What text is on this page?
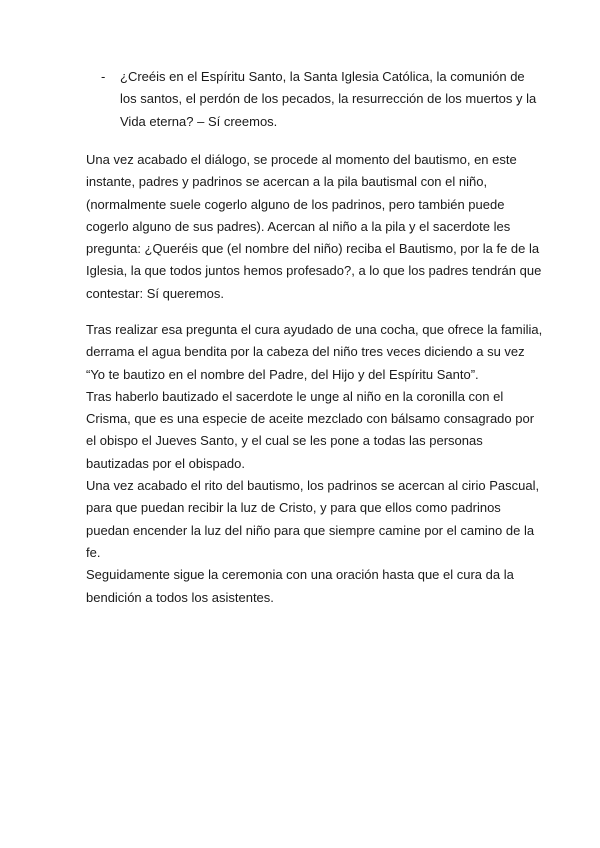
- ¿Creéis en el Espíritu Santo, la Santa Iglesia Católica, la comunión de
los santos, el perdón de los pecados, la resurrección de los muertos y la
Vida eterna? – Sí creemos.
Una vez acabado el diálogo, se procede al momento del bautismo, en este
instante, padres y padrinos se acercan a la pila bautismal con el niño,
(normalmente suele cogerlo alguno de los padrinos, pero también puede
cogerlo alguno de sus padres). Acercan al niño a la pila y el sacerdote les
pregunta: ¿Queréis que (el nombre del niño) reciba el Bautismo, por la fe de la
Iglesia, la que todos juntos hemos profesado?, a lo que los padres tendrán que
contestar: Sí queremos.
Tras realizar esa pregunta el cura ayudado de una cocha, que ofrece la familia,
derrama el agua bendita por la cabeza del niño tres veces diciendo a su vez
“Yo te bautizo en el nombre del Padre, del Hijo y del Espíritu Santo”.
Tras haberlo bautizado el sacerdote le unge al niño en la coronilla con el
Crisma, que es una especie de aceite mezclado con bálsamo consagrado por
el obispo el Jueves Santo, y el cual se les pone a todas las personas
bautizadas por el obispado.
Una vez acabado el rito del bautismo, los padrinos se acercan al cirio Pascual,
para que puedan recibir la luz de Cristo, y para que ellos como padrinos
puedan encender la luz del niño para que siempre camine por el camino de la
fe.
Seguidamente sigue la ceremonia con una oración hasta que el cura da la
bendición a todos los asistentes.
